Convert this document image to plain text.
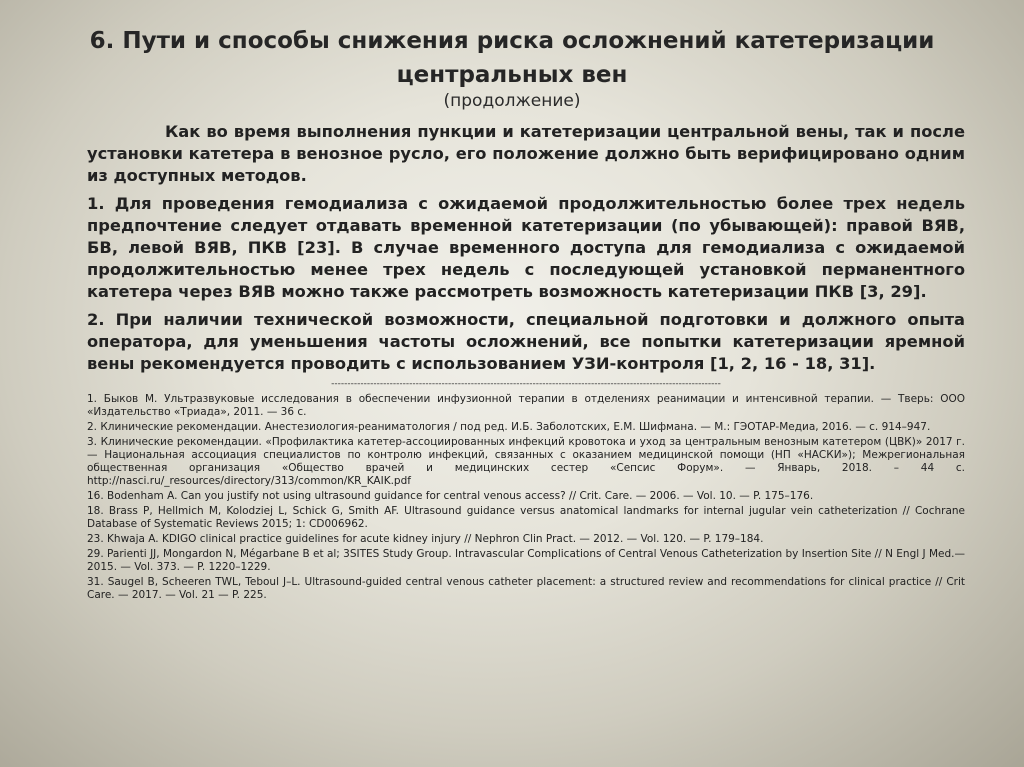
6. Пути и способы снижения риска осложнений катетеризации
центральных вен
(продолжение)

Как во время выполнения пункции и катетеризации центральной вены, так и после установки катетера в венозное русло, его положение должно быть верифицировано одним из доступных методов.

1. Для проведения гемодиализа с ожидаемой продолжительностью более трех недель предпочтение следует отдавать временной катетеризации (по убывающей): правой ВЯВ, БВ, левой ВЯВ, ПКВ [23]. В случае временного доступа для гемодиализа с ожидаемой продолжительностью менее трех недель с последующей установкой перманентного катетера через ВЯВ можно также рассмотреть возможность катетеризации ПКВ [3, 29].

2. При наличии технической возможности, специальной подготовки и должного опыта оператора, для уменьшения частоты осложнений, все попытки катетеризации яремной вены рекомендуется проводить с использованием УЗИ-контроля [1, 2, 16 - 18, 31].

------------------------------------------------------------------------------------------------------------------------

1. Быков М. Ультразвуковые исследования в обеспечении инфузионной терапии в отделениях реанимации и интенсивной терапии. — Тверь: ООО «Издательство «Триада», 2011. — 36 с.

2. Клинические рекомендации. Анестезиология-реаниматология / под ред. И.Б. Заболотских, Е.М. Шифмана. — М.: ГЭОТАР-Медиа, 2016. — с. 914–947.

3. Клинические рекомендации. «Профилактика катетер-ассоциированных инфекций кровотока и уход за центральным венозным катетером (ЦВК)» 2017 г. — Национальная ассоциация специалистов по контролю инфекций, связанных с оказанием медицинской помощи (НП «НАСКИ»); Межрегиональная общественная организация «Общество врачей и медицинских сестер «Сепсис Форум». — Январь, 2018. – 44 с. http://nasci.ru/_resources/directory/313/common/KR_KAIK.pdf

16. Bodenham A. Can you justify not using ultrasound guidance for central venous access? // Crit. Care. — 2006. — Vol. 10. — P. 175–176.

18. Brass P, Hellmich M, Kolodziej L, Schick G, Smith AF. Ultrasound guidance versus anatomical landmarks for internal jugular vein catheterization // Cochrane Database of Systematic Reviews 2015; 1: CD006962.

23. Khwaja A. KDIGO clinical practice guidelines for acute kidney injury // Nephron Clin Pract. — 2012. — Vol. 120. — P. 179–184.

29. Parienti JJ, Mongardon N, Mégarbane B et al; 3SITES Study Group. Intravascular Complications of Central Venous Catheterization by Insertion Site // N Engl J Med.— 2015. — Vol. 373. — P. 1220–1229.

31. Saugel B, Scheeren TWL, Teboul J–L. Ultrasound-guided central venous catheter placement: a structured review and recommendations for clinical practice // Crit Care. — 2017. — Vol. 21 — P. 225.
